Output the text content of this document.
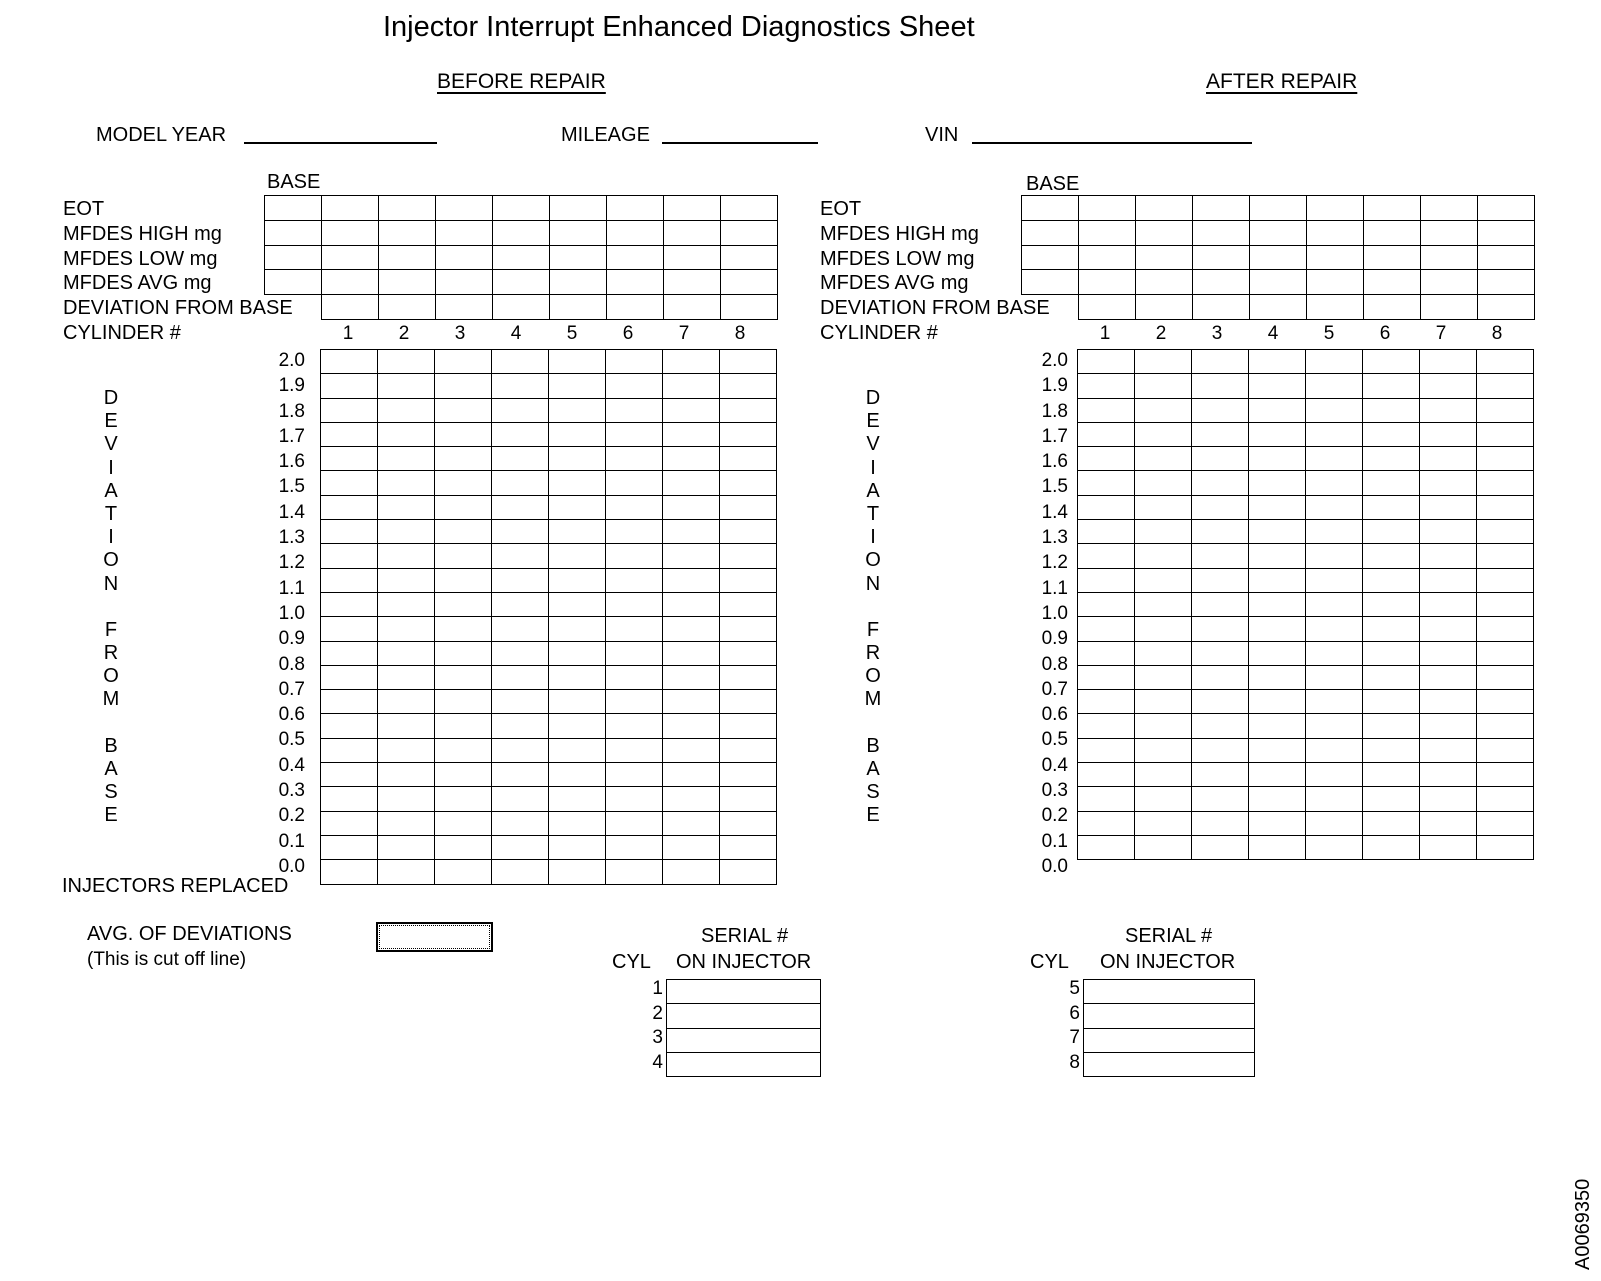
Injector Interrupt Enhanced Diagnostics Sheet
BEFORE REPAIR	AFTER REPAIR
MODEL YEAR	MILEAGE	VIN
BASE
EOT
MFDES HIGH mg
MFDES LOW mg
MFDES AVG mg
DEVIATION FROM BASE
CYLINDER #

									1	2	3	4	5	6	7	8
D
E
V
I
A
T
I
O
N
F
R
O
M
B
A
S
E
2.0
1.9
1.8
1.7
1.6
1.5
1.4
1.3
1.2
1.1
1.0
0.9
0.8
0.7
0.6
0.5
0.4
0.3
0.2
0.1
0.0

INJECTORS REPLACED
AVG. OF DEVIATIONS
(This is cut off line)
BASE
EOT
MFDES HIGH mg
MFDES LOW mg
MFDES AVG mg
DEVIATION FROM BASE
CYLINDER #

									1	2	3	4	5	6	7	8
D
E
V
I
A
T
I
O
N
F
R
O
M
B
A
S
E
2.0
1.9
1.8
1.7
1.6
1.5
1.4
1.3
1.2
1.1
1.0
0.9
0.8
0.7
0.6
0.5
0.4
0.3
0.2
0.1
0.0

SERIAL #
CYL ON INJECTOR
1
2
3
4

SERIAL #
CYL ON INJECTOR
5
6
7
8

A0069350
